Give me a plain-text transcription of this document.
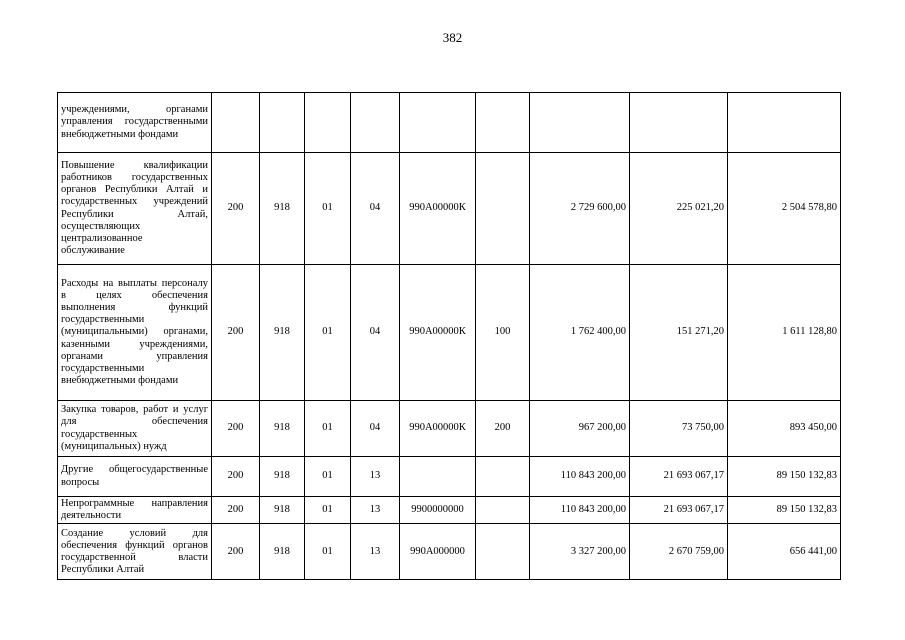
382
учреждениями, органами управления государственными внебюджетными фондами									
Повышение квалификации работников государственных органов Республики Алтай и государственных учреждений Республики Алтай, осуществляющих централизованное обслуживание	200	918	01	04	990А00000К		2 729 600,00	225 021,20	2 504 578,80
Расходы на выплаты персоналу в целях обеспечения выполнения функций государственными (муниципальными) органами, казенными учреждениями, органами управления государственными внебюджетными фондами	200	918	01	04	990А00000К	100	1 762 400,00	151 271,20	1 611 128,80
Закупка товаров, работ и услуг для обеспечения государственных (муниципальных) нужд	200	918	01	04	990А00000К	200	967 200,00	73 750,00	893 450,00
Другие общегосударственные вопросы	200	918	01	13			110 843 200,00	21 693 067,17	89 150 132,83
Непрограммные направления деятельности	200	918	01	13	9900000000		110 843 200,00	21 693 067,17	89 150 132,83
Создание условий для обеспечения функций органов государственной власти Республики Алтай	200	918	01	13	990А000000		3 327 200,00	2 670 759,00	656 441,00
